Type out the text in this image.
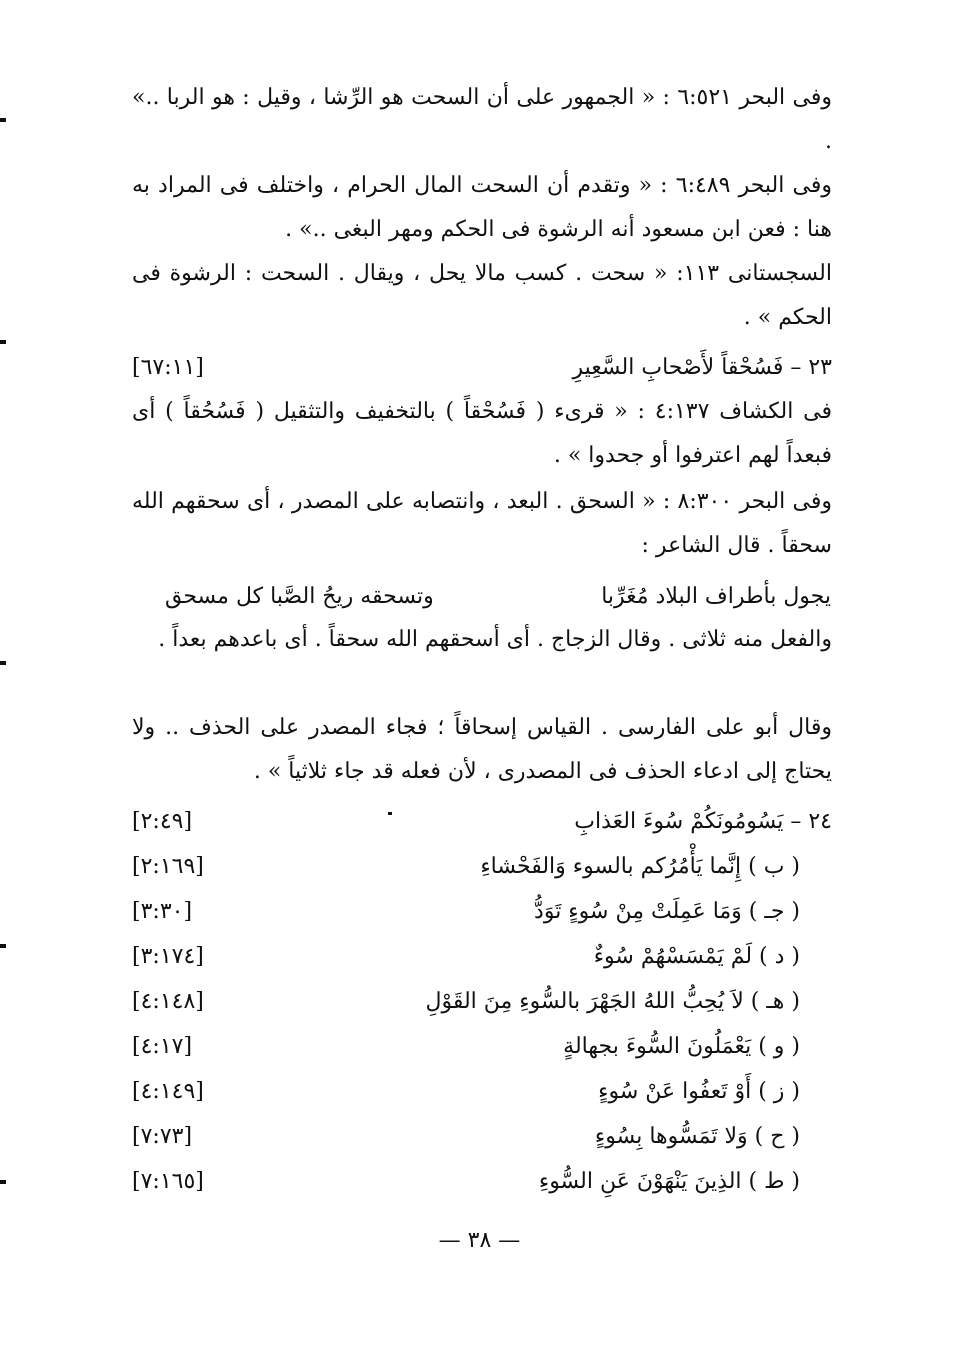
وفى البحر ٦:٥٢١ : « الجمهور على أن السحت هو الرِّشا ، وقيل : هو الربا ..» .

وفى البحر ٦:٤٨٩ : « وتقدم أن السحت المال الحرام ، واختلف فى المراد به هنا : فعن ابن مسعود أنه الرشوة فى الحكم ومهر البغى ..» .

السجستانى ١١٣: « سحت . كسب مالا يحل ، ويقال . السحت : الرشوة فى الحكم » .

٢٣ – فَسُحْقاً لأَصْحابِ السَّعِيرِ
[٦٧:١١]

فى الكشاف ٤:١٣٧ : « قرىء ( فَسُحْقاً ) بالتخفيف والتثقيل ( فَسُحُقاً ) أى فبعداً لهم اعترفوا أو جحدوا » .

وفى البحر ٨:٣٠٠ : « السحق . البعد ، وانتصابه على المصدر ، أى سحقهم الله سحقاً . قال الشاعر :

يجول بأطراف البلاد مُغَرِّبا
وتسحقه ريحُ الصَّبا كل مسحق

والفعل منه ثلاثى . وقال الزجاج . أى أسحقهم الله سحقاً . أى باعدهم بعداً .

وقال أبو على الفارسى . القياس إسحاقاً ؛ فجاء المصدر على الحذف .. ولا يحتاج إلى ادعاء الحذف فى المصدرى ، لأن فعله قد جاء ثلاثياً » .

٢٤ – يَسُومُونَكُمْ سُوءَ العَذابِ
[٢:٤٩]
( ب ) إِنَّما يَأْمُرُكم بالسوء وَالفَحْشاءِ
[٢:١٦٩]
( جـ ) وَمَا عَمِلَتْ مِنْ سُوءٍ تَوَدُّ
[٣:٣٠]
( د ) لَمْ يَمْسَسْهُمْ سُوءٌ
[٣:١٧٤]
( هـ ) لاَ يُحِبُّ اللهُ الجَهْرَ بالسُّوءِ مِنَ القَوْلِ
[٤:١٤٨]
( و ) يَعْمَلُونَ السُّوءَ بجهالةٍ
[٤:١٧]
( ز ) أَوْ تَعفُوا عَنْ سُوءٍ
[٤:١٤٩]
( ح ) وَلا تَمَسُّوها بِسُوءٍ
[٧:٧٣]
( ط ) الذِينَ يَنْهَوْنَ عَنِ السُّوءِ
[٧:١٦٥]
— ٣٨ —
